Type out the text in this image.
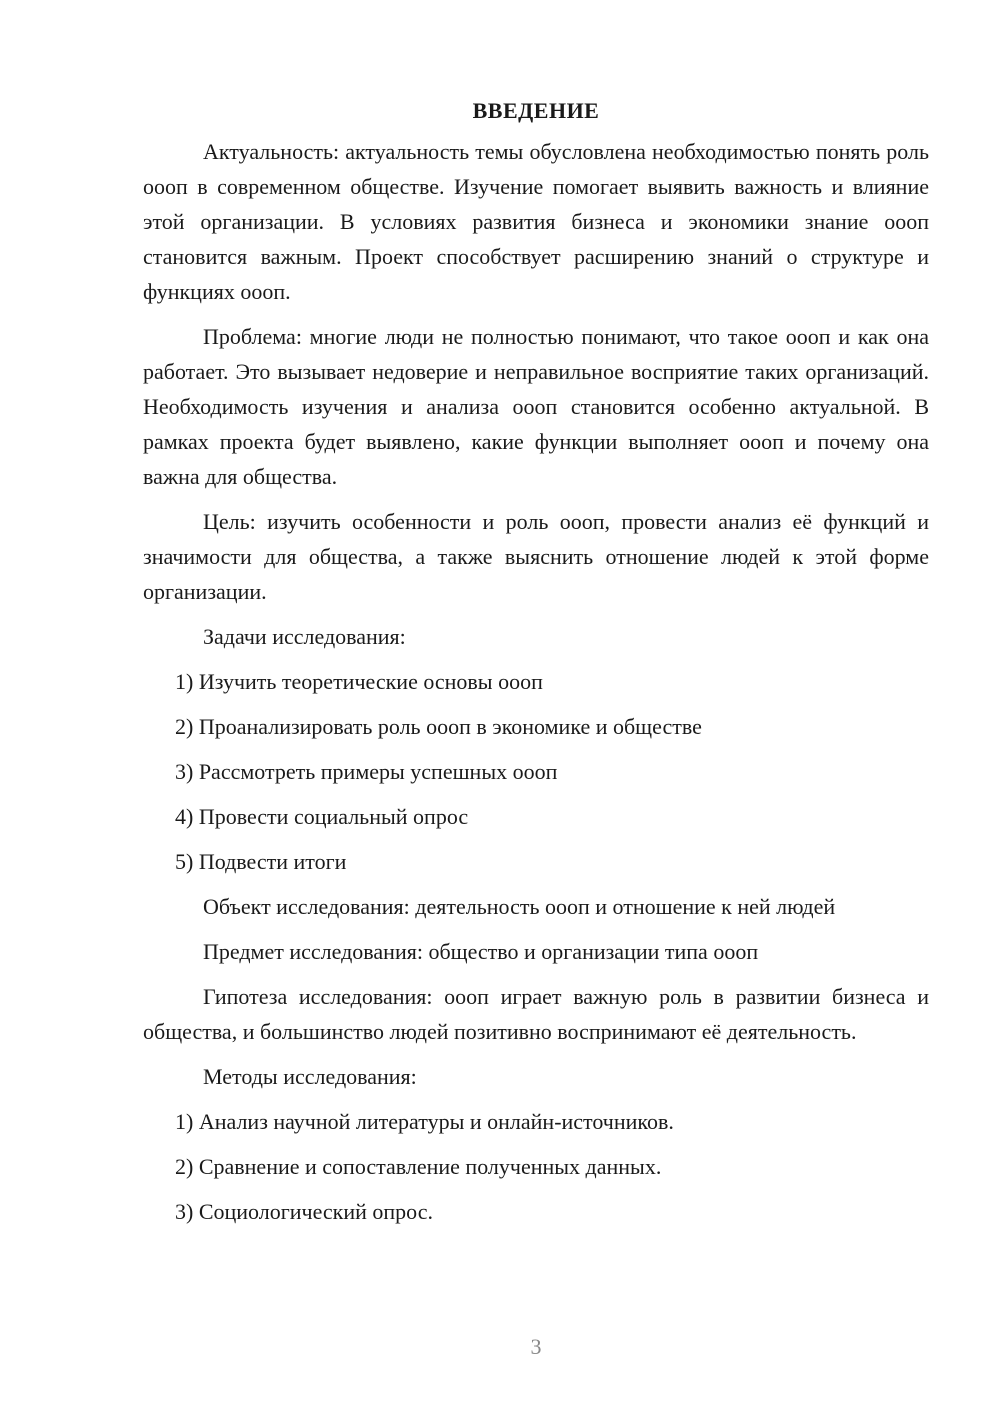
ВВЕДЕНИЕ

Актуальность: актуальность темы обусловлена необходимостью понять роль оооп в современном обществе. Изучение помогает выявить важность и влияние этой организации. В условиях развития бизнеса и экономики знание оооп становится важным. Проект способствует расширению знаний о структуре и функциях оооп.

Проблема: многие люди не полностью понимают, что такое оооп и как она работает. Это вызывает недоверие и неправильное восприятие таких организаций. Необходимость изучения и анализа оооп становится особенно актуальной. В рамках проекта будет выявлено, какие функции выполняет оооп и почему она важна для общества.

Цель: изучить особенности и роль оооп, провести анализ её функций и значимости для общества, а также выяснить отношение людей к этой форме организации.

Задачи исследования:
1) Изучить теоретические основы оооп
2) Проанализировать роль оооп в экономике и обществе
3) Рассмотреть примеры успешных оооп
4) Провести социальный опрос
5) Подвести итоги
Объект исследования: деятельность оооп и отношение к ней людей
Предмет исследования: общество и организации типа оооп

Гипотеза исследования: оооп играет важную роль в развитии бизнеса и общества, и большинство людей позитивно воспринимают её деятельность.

Методы исследования:
1) Анализ научной литературы и онлайн-источников.
2) Сравнение и сопоставление полученных данных.
3) Социологический опрос.
3
